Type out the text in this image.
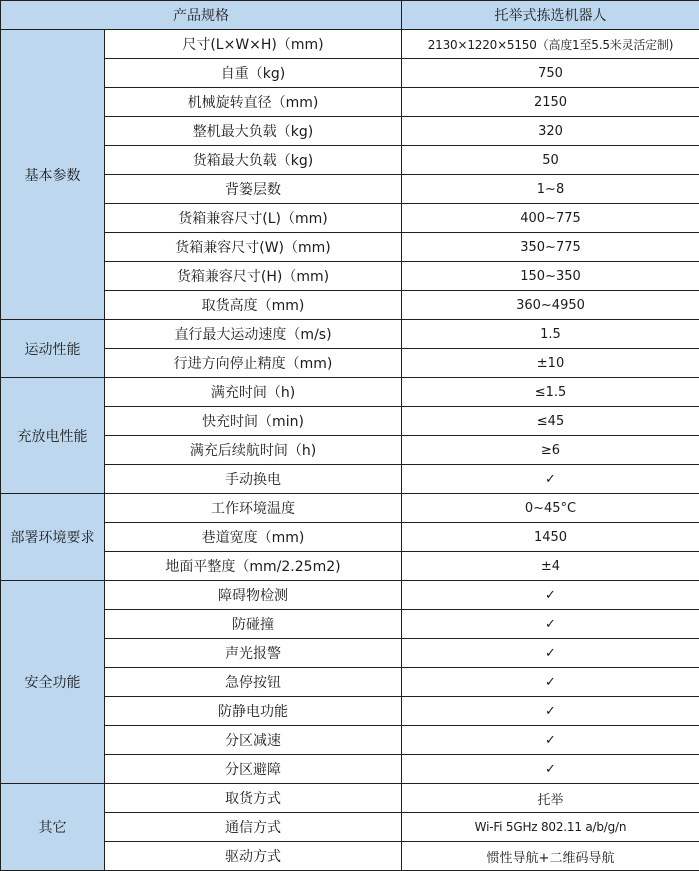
产品规格		托举式拣选机器人
基本参数	尺寸(L×W×H)（mm)	2130×1220×5150（高度1至5.5米灵活定制)
	自重（kg)	750
	机械旋转直径（mm)	2150
	整机最大负载（kg)	320
	货箱最大负载（kg)	50
	背篓层数	1~8
	货箱兼容尺寸(L)（mm)	400~775
	货箱兼容尺寸(W)（mm)	350~775
	货箱兼容尺寸(H)（mm)	150~350
	取货高度（mm)	360~4950
运动性能	直行最大运动速度（m/s)	1.5
	行进方向停止精度（mm)	±10
充放电性能	满充时间（h)	≤1.5
	快充时间（min)	≤45
	满充后续航时间（h)	≥6
	手动换电	✓
部署环境要求	工作环境温度	0~45°C
	巷道宽度（mm)	1450
	地面平整度（mm/2.25m2)	±4
安全功能	障碍物检测	✓
	防碰撞	✓
	声光报警	✓
	急停按钮	✓
	防静电功能	✓
	分区减速	✓
	分区避障	✓
其它	取货方式	托举
	通信方式	Wi-Fi 5GHz 802.11 a/b/g/n
	驱动方式	惯性导航+二维码导航
